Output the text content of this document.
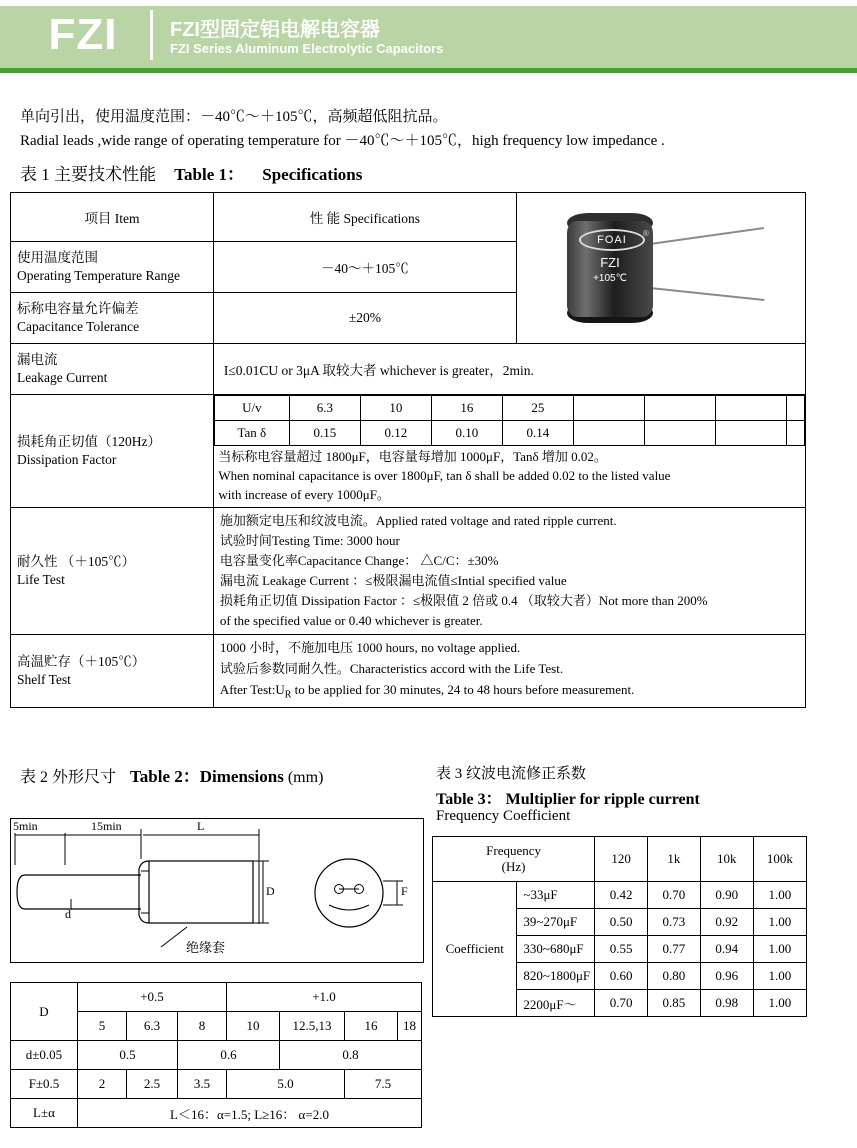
FZI	FZI型固定铝电解电容器
FZI Series Aluminum Electrolytic Capacitors
单向引出，使用温度范围：－40℃～＋105℃，高频超低阻抗品。
Radial leads ,wide range of operating temperature for －40℃～＋105℃，high frequency low impedance .
表 1 主要技术性能 Table 1： Specifications
项目 Item	性 能 Specifications	
FOAI
®
FZI
+105℃

使用温度范围
Operating Temperature Range	－40～＋105℃

标称电容量允许偏差
Capacitance Tolerance
	±20%

漏电流
Leakage Current	I≤0.01CU or 3μA 取较大者 whichever is greater，2min.

损耗角正切值（120Hz）
Dissipation Factor

U/v	6.3	10	16	25				
Tan δ	0.15	0.12	0.10	0.14				

当标称电容量超过 1800μF，电容量每增加 1000μF，Tanδ 增加 0.02。
When nominal capacitance is over 1800μF, tan δ shall be added 0.02 to the listed value
with increase of every 1000μF。

耐久性 （＋105℃）
Life Test

施加额定电压和纹波电流。Applied rated voltage and rated ripple current.
试验时间Testing Time: 3000 hour
电容量变化率Capacitance Change： △C/C：±30%
漏电流 Leakage Current ：≤极限漏电流值≤Intial specified value
损耗角正切值 Dissipation Factor ：≤极限值 2 倍或 0.4 （取较大者）Not more than 200%
of the specified value or 0.40 whichever is greater.

高温贮存（＋105℃）
Shelf Test

1000 小时，不施加电压 1000 hours, no voltage applied.
试验后参数同耐久性。Characteristics accord with the Life Test.
After $Test:U_R$ to be applied for 30 minutes, 24 to 48 hours before measurement.
表 2 外形尺寸 Table 2：Dimensions (mm)	表 3 纹波电流修正系数
Table 3： Multiplier for ripple current
Frequency Coefficient
5min	15min	L
D
d
F
绝缘套
D	+0.5			+1.0			
	5	6.3	8	10	12.5,13	16	18
d±0.05	0.5		0.6		0.8		
F±0.5	2	2.5	3.5	5.0		7.5	
L±α	L＜16：α=1.5; L≥16： α=2.0						
Frequency
(Hz)		120	1k	10k	100k
Coefficient	~33μF	0.42	0.70	0.90	1.00
	39~270μF	0.50	0.73	0.92	1.00
	330~680μF	0.55	0.77	0.94	1.00
	820~1800μF	0.60	0.80	0.96	1.00
	2200μF～	0.70	0.85	0.98	1.00
